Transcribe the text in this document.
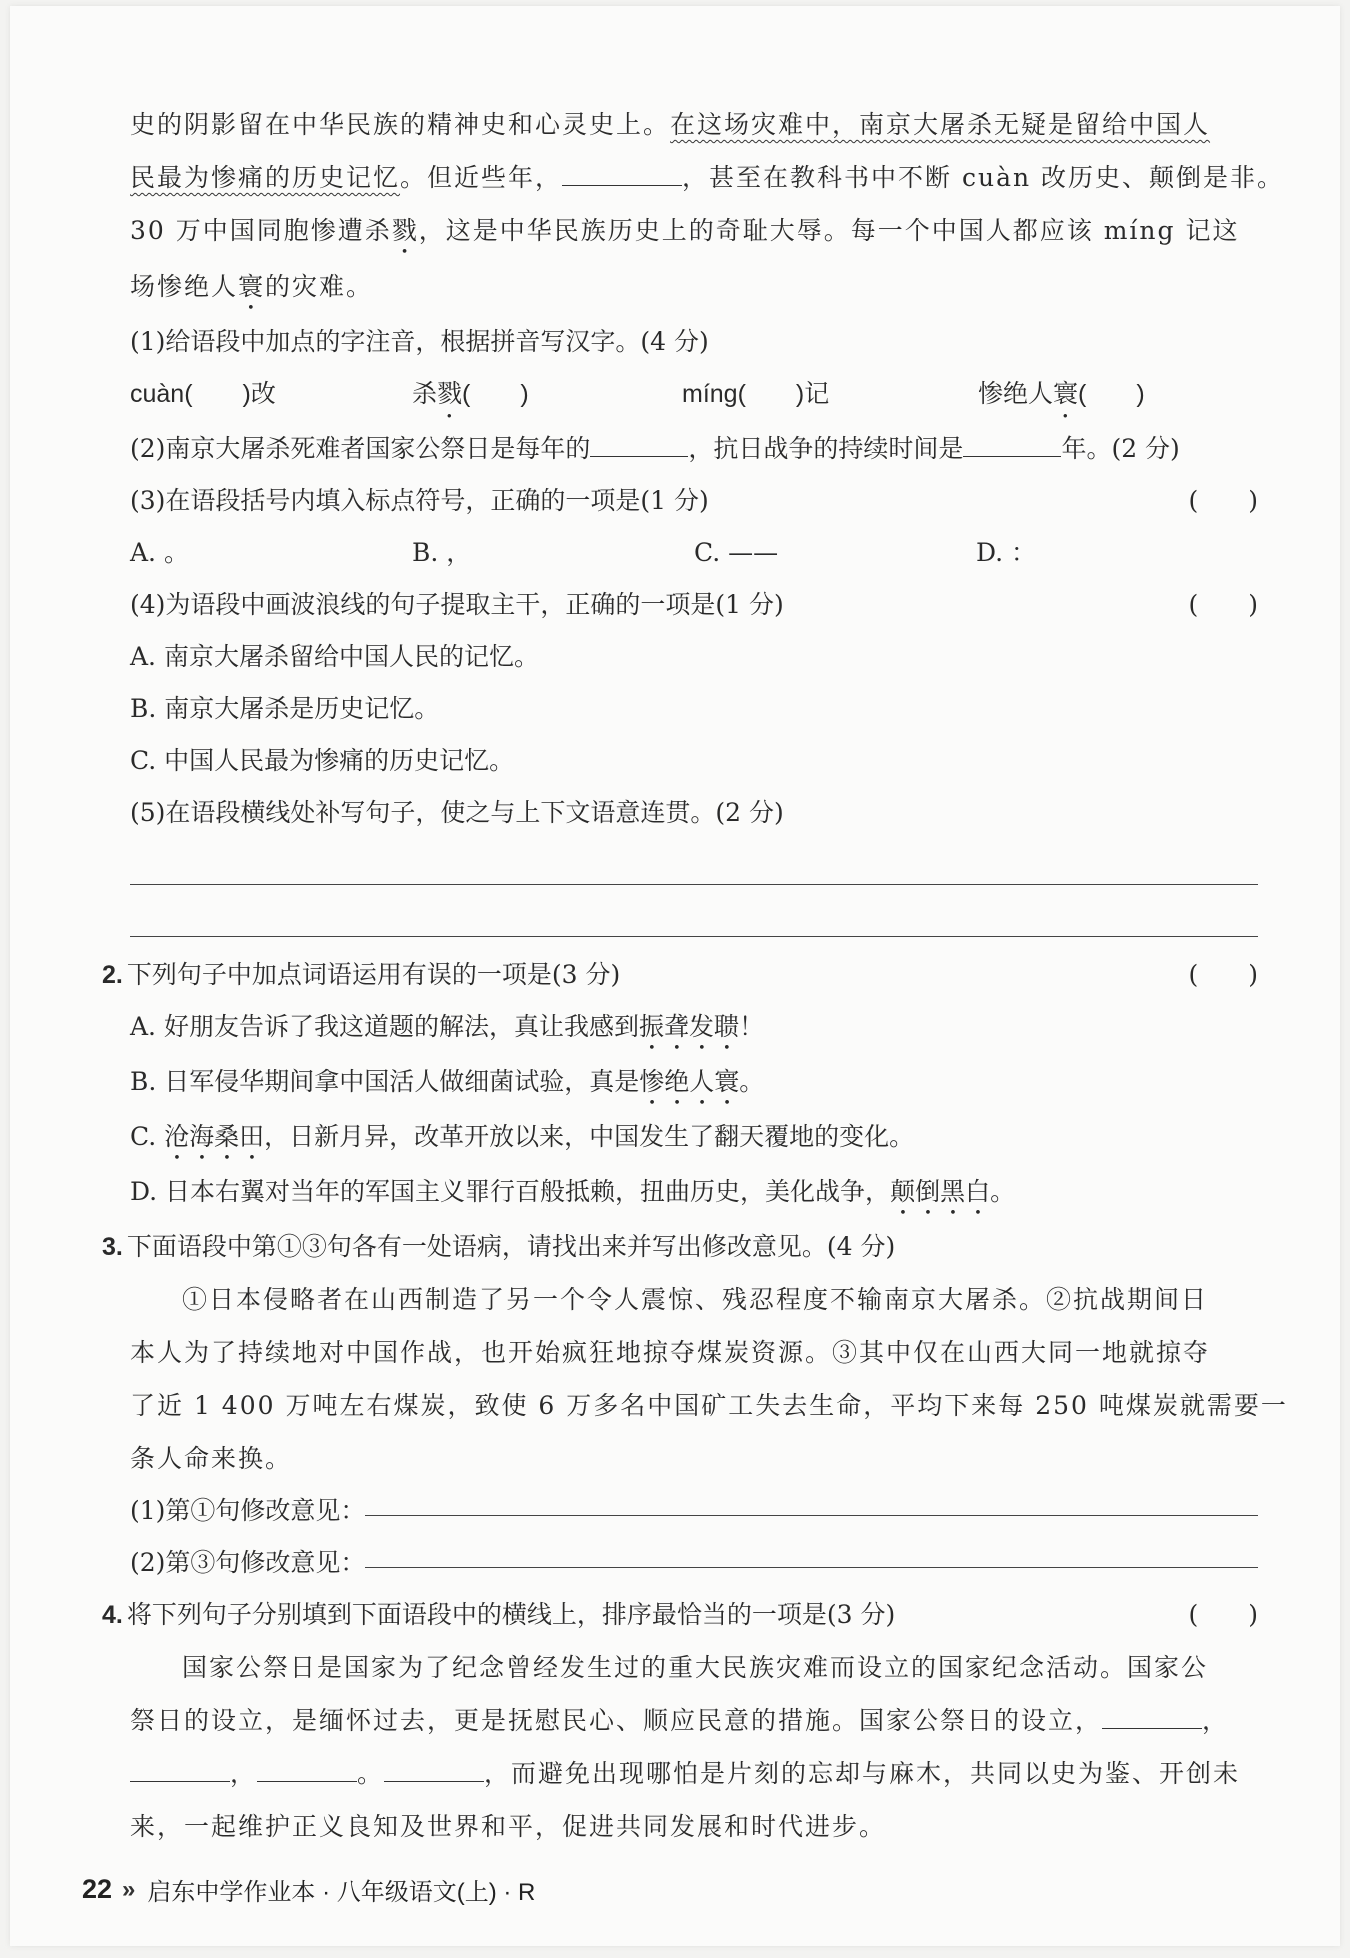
史的阴影留在中华民族的精神史和心灵史上。在这场灾难中，南京大屠杀无疑是留给中国人

民最为惨痛的历史记忆。但近些年，	，甚至在教科书中不断 cuàn 改历史、颠倒是非。

30 万中国同胞惨遭杀戮，这是中华民族历史上的奇耻大辱。每一个中国人都应该 míng 记这

场惨绝人寰的灾难。

(1)给语段中加点的字注音，根据拼音写汉字。(4 分)

cuàn(　　)改	杀戮(　　)	míng(　　)记	惨绝人寰(　　)

(2)南京大屠杀死难者国家公祭日是每年的	，抗日战争的持续时间是	年。(2 分)

(3)在语段括号内填入标点符号，正确的一项是(1 分)	(　　)

A. 。	B. ，	C. ——	D. ：

(4)为语段中画波浪线的句子提取主干，正确的一项是(1 分)	(　　)

A. 南京大屠杀留给中国人民的记忆。

B. 南京大屠杀是历史记忆。

C. 中国人民最为惨痛的历史记忆。

(5)在语段横线处补写句子，使之与上下文语意连贯。(2 分)

2. 下列句子中加点词语运用有误的一项是(3 分)	(　　)

A. 好朋友告诉了我这道题的解法，真让我感到振聋发聩！

B. 日军侵华期间拿中国活人做细菌试验，真是惨绝人寰。

C. 沧海桑田，日新月异，改革开放以来，中国发生了翻天覆地的变化。

D. 日本右翼对当年的军国主义罪行百般抵赖，扭曲历史，美化战争，颠倒黑白。

3. 下面语段中第①③句各有一处语病，请找出来并写出修改意见。(4 分)

①日本侵略者在山西制造了另一个令人震惊、残忍程度不输南京大屠杀。②抗战期间日

本人为了持续地对中国作战，也开始疯狂地掠夺煤炭资源。③其中仅在山西大同一地就掠夺

了近 1 400 万吨左右煤炭，致使 6 万多名中国矿工失去生命，平均下来每 250 吨煤炭就需要一

条人命来换。

(1)第①句修改意见：

(2)第③句修改意见：

4. 将下列句子分别填到下面语段中的横线上，排序最恰当的一项是(3 分)	(　　)

国家公祭日是国家为了纪念曾经发生过的重大民族灾难而设立的国家纪念活动。国家公

祭日的设立，是缅怀过去，更是抚慰民心、顺应民意的措施。国家公祭日的设立，	，

，	。	，而避免出现哪怕是片刻的忘却与麻木，共同以史为鉴、开创未

来，一起维护正义良知及世界和平，促进共同发展和时代进步。

22 » 启东中学作业本 · 八年级语文(上) · R
